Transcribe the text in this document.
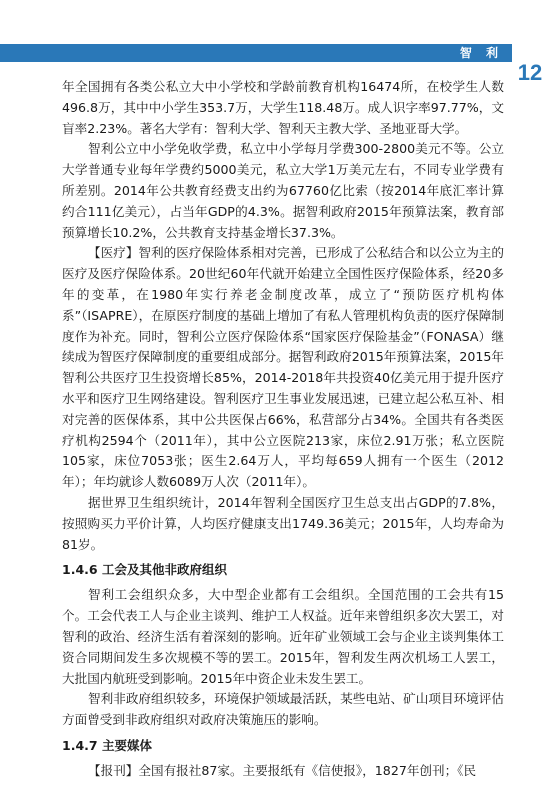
智 利
12

年全国拥有各类公私立大中小学校和学龄前教育机构16474所，在校学生人数496.8万，其中中小学生353.7万，大学生118.48万。成人识字率97.77%，文盲率2.23%。著名大学有：智利大学、智利天主教大学、圣地亚哥大学。

智利公立中小学免收学费，私立中小学每月学费300-2800美元不等。公立大学普通专业每年学费约5000美元，私立大学1万美元左右，不同专业学费有所差别。2014年公共教育经费支出约为67760亿比索（按2014年底汇率计算约合111亿美元），占当年GDP的4.3%。据智利政府2015年预算法案，教育部预算增长10.2%，公共教育支持基金增长37.3%。

【医疗】智利的医疗保险体系相对完善，已形成了公私结合和以公立为主的医疗及医疗保险体系。20世纪60年代就开始建立全国性医疗保险体系，经20多年的变革，在1980年实行养老金制度改革，成立了“预防医疗机构体系”（ISAPRE），在原医疗制度的基础上增加了有私人管理机构负责的医疗保障制度作为补充。同时，智利公立医疗保险体系“国家医疗保险基金”（FONASA）继续成为智医疗保障制度的重要组成部分。据智利政府2015年预算法案，2015年智利公共医疗卫生投资增长85%，2014-2018年共投资40亿美元用于提升医疗水平和医疗卫生网络建设。智利医疗卫生事业发展迅速，已建立起公私互补、相对完善的医保体系，其中公共医保占66%，私营部分占34%。全国共有各类医疗机构2594个（2011年），其中公立医院213家，床位2.91万张；私立医院105家，床位7053张；医生2.64万人，平均每659人拥有一个医生（2012年）；年均就诊人数6089万人次（2011年）。

据世界卫生组织统计，2014年智利全国医疗卫生总支出占GDP的7.8%，按照购买力平价计算，人均医疗健康支出1749.36美元；2015年，人均寿命为81岁。

1.4.6 工会及其他非政府组织

智利工会组织众多，大中型企业都有工会组织。全国范围的工会共有15个。工会代表工人与企业主谈判、维护工人权益。近年来曾组织多次大罢工，对智利的政治、经济生活有着深刻的影响。近年矿业领域工会与企业主谈判集体工资合同期间发生多次规模不等的罢工。2015年，智利发生两次机场工人罢工，大批国内航班受到影响。2015年中资企业未发生罢工。

智利非政府组织较多，环境保护领域最活跃，某些电站、矿山项目环境评估方面曾受到非政府组织对政府决策施压的影响。

1.4.7 主要媒体

【报刊】全国有报社87家。主要报纸有《信使报》，1827年创刊；《民
